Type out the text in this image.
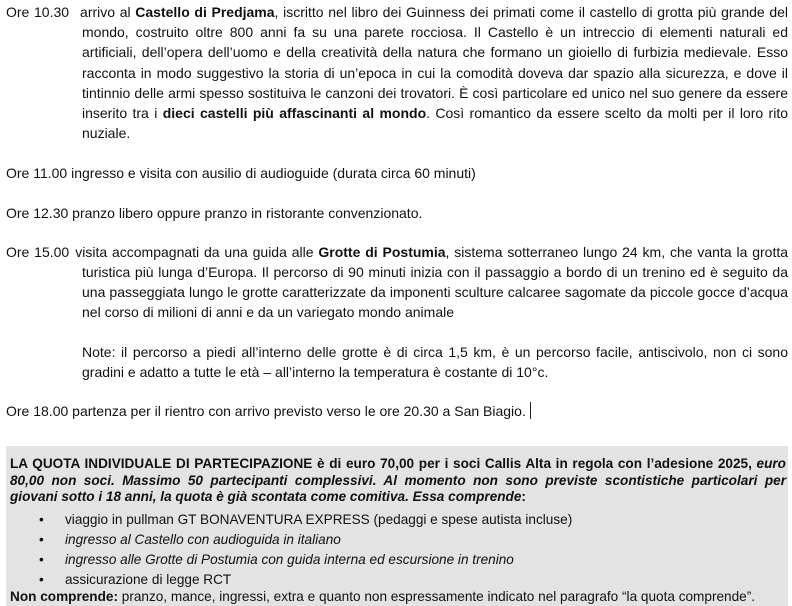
Ore 10.30 arrivo al Castello di Predjama, iscritto nel libro dei Guinness dei primati come il castello di grotta più grande del mondo, costruito oltre 800 anni fa su una parete rocciosa. Il Castello è un intreccio di elementi naturali ed artificiali, dell’opera dell’uomo e della creatività della natura che formano un gioiello di furbizia medievale. Esso racconta in modo suggestivo la storia di un’epoca in cui la comodità doveva dar spazio alla sicurezza, e dove il tintinnio delle armi spesso sostituiva le canzoni dei trovatori. È così particolare ed unico nel suo genere da essere inserito tra i dieci castelli più affascinanti al mondo. Così romantico da essere scelto da molti per il loro rito nuziale.

Ore 11.00 ingresso e visita con ausilio di audioguide (durata circa 60 minuti)

Ore 12.30 pranzo libero oppure pranzo in ristorante convenzionato.

Ore 15.00 visita accompagnati da una guida alle Grotte di Postumia, sistema sotterraneo lungo 24 km, che vanta la grotta turistica più lunga d’Europa. Il percorso di 90 minuti inizia con il passaggio a bordo di un trenino ed è seguito da una passeggiata lungo le grotte caratterizzate da imponenti sculture calcaree sagomate da piccole gocce d’acqua nel corso di milioni di anni e da un variegato mondo animale

Note: il percorso a piedi all’interno delle grotte è di circa 1,5 km, è un percorso facile, antiscivolo, non ci sono gradini e adatto a tutte le età – all’interno la temperatura è costante di 10°c.

Ore 18.00 partenza per il rientro con arrivo previsto verso le ore 20.30 a San Biagio.

LA QUOTA INDIVIDUALE DI PARTECIPAZIONE è di euro 70,00 per i soci Callis Alta in regola con l’adesione 2025, euro 80,00 non soci. Massimo 50 partecipanti complessivi. Al momento non sono previste scontistiche particolari per giovani sotto i 18 anni, la quota è già scontata come comitiva. Essa comprende:

• viaggio in pullman GT BONAVENTURA EXPRESS (pedaggi e spese autista incluse)
• ingresso al Castello con audioguida in italiano
• ingresso alle Grotte di Postumia con guida interna ed escursione in trenino
• assicurazione di legge RCT

Non comprende: pranzo, mance, ingressi, extra e quanto non espressamente indicato nel paragrafo “la quota comprende”.
